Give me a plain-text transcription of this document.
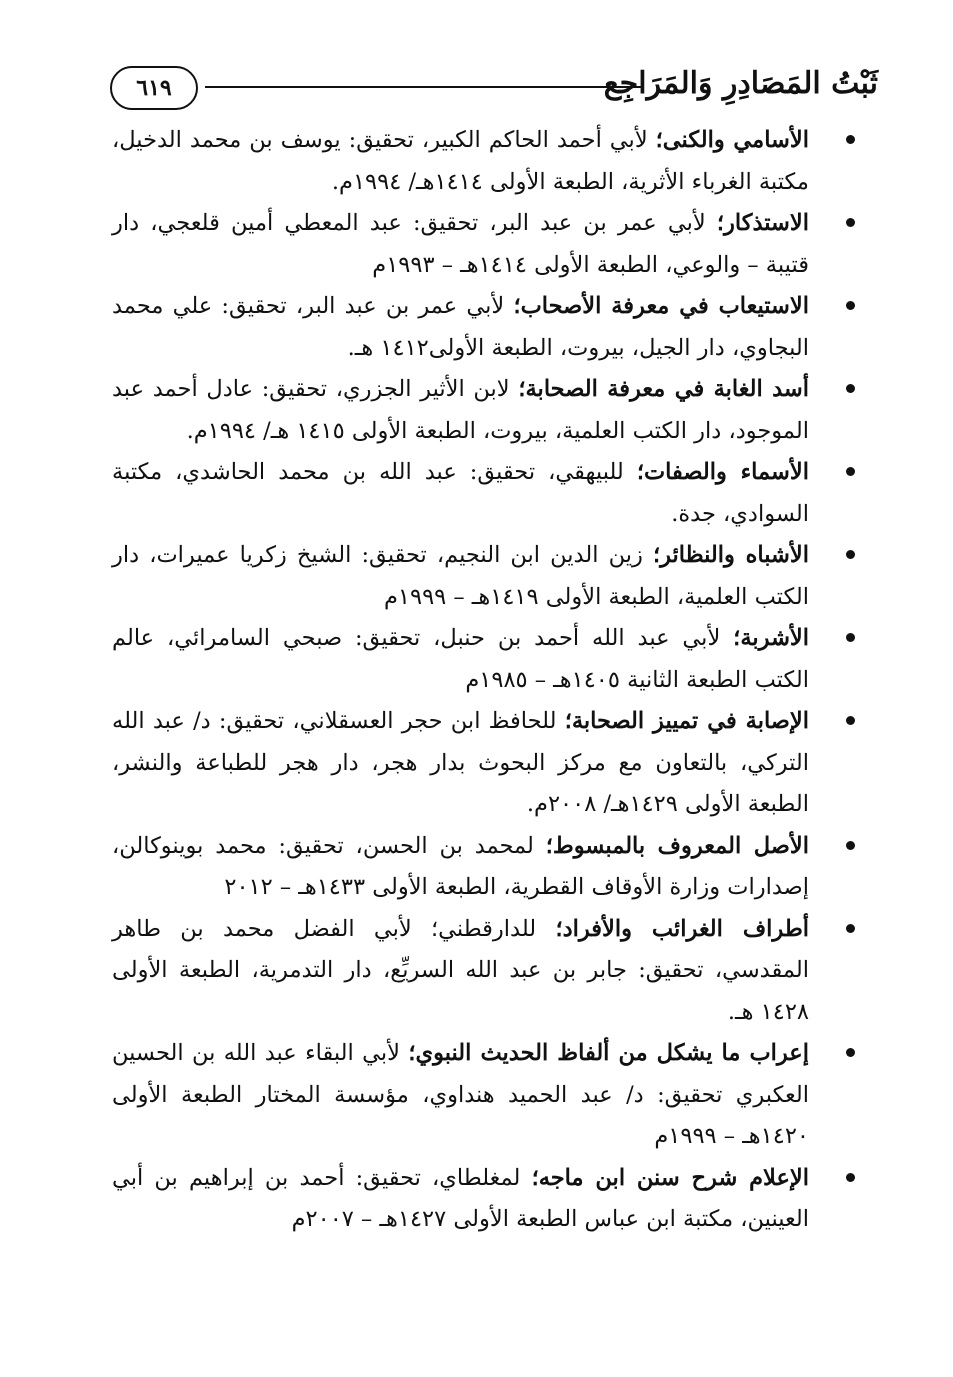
ثَبْتُ المَصَادِرِ وَالمَرَاجِع
٦١٩
الأسامي والكنى؛ لأبي أحمد الحاكم الكبير، تحقيق: يوسف بن محمد الدخيل، مكتبة الغرباء الأثرية، الطبعة الأولى ١٤١٤هـ/ ١٩٩٤م.
الاستذكار؛ لأبي عمر بن عبد البر، تحقيق: عبد المعطي أمين قلعجي، دار قتيبة – والوعي، الطبعة الأولى ١٤١٤هـ – ١٩٩٣م
الاستيعاب في معرفة الأصحاب؛ لأبي عمر بن عبد البر، تحقيق: علي محمد البجاوي، دار الجيل، بيروت، الطبعة الأولى١٤١٢ هـ.
أسد الغابة في معرفة الصحابة؛ لابن الأثير الجزري، تحقيق: عادل أحمد عبد الموجود، دار الكتب العلمية، بيروت، الطبعة الأولى ١٤١٥ هـ/ ١٩٩٤م.
الأسماء والصفات؛ للبيهقي، تحقيق: عبد الله بن محمد الحاشدي، مكتبة السوادي، جدة.
الأشباه والنظائر؛ زين الدين ابن النجيم، تحقيق: الشيخ زكريا عميرات، دار الكتب العلمية، الطبعة الأولى ١٤١٩هـ – ١٩٩٩م
الأشربة؛ لأبي عبد الله أحمد بن حنبل، تحقيق: صبحي السامرائي، عالم الكتب الطبعة الثانية ١٤٠٥هـ – ١٩٨٥م
الإصابة في تمييز الصحابة؛ للحافظ ابن حجر العسقلاني، تحقيق: د/ عبد الله التركي، بالتعاون مع مركز البحوث بدار هجر، دار هجر للطباعة والنشر، الطبعة الأولى ١٤٢٩هـ/ ٢٠٠٨م.
الأصل المعروف بالمبسوط؛ لمحمد بن الحسن، تحقيق: محمد بوينوكالن، إصدارات وزارة الأوقاف القطرية، الطبعة الأولى ١٤٣٣هـ – ٢٠١٢
أطراف الغرائب والأفراد؛ للدارقطني؛ لأبي الفضل محمد بن طاهر المقدسي، تحقيق: جابر بن عبد الله السريِّع، دار التدمرية، الطبعة الأولى ١٤٢٨ هـ.
إعراب ما يشكل من ألفاظ الحديث النبوي؛ لأبي البقاء عبد الله بن الحسين العكبري تحقيق: د/ عبد الحميد هنداوي، مؤسسة المختار الطبعة الأولى ١٤٢٠هـ – ١٩٩٩م
الإعلام شرح سنن ابن ماجه؛ لمغلطاي، تحقيق: أحمد بن إبراهيم بن أبي العينين، مكتبة ابن عباس الطبعة الأولى ١٤٢٧هـ – ٢٠٠٧م
